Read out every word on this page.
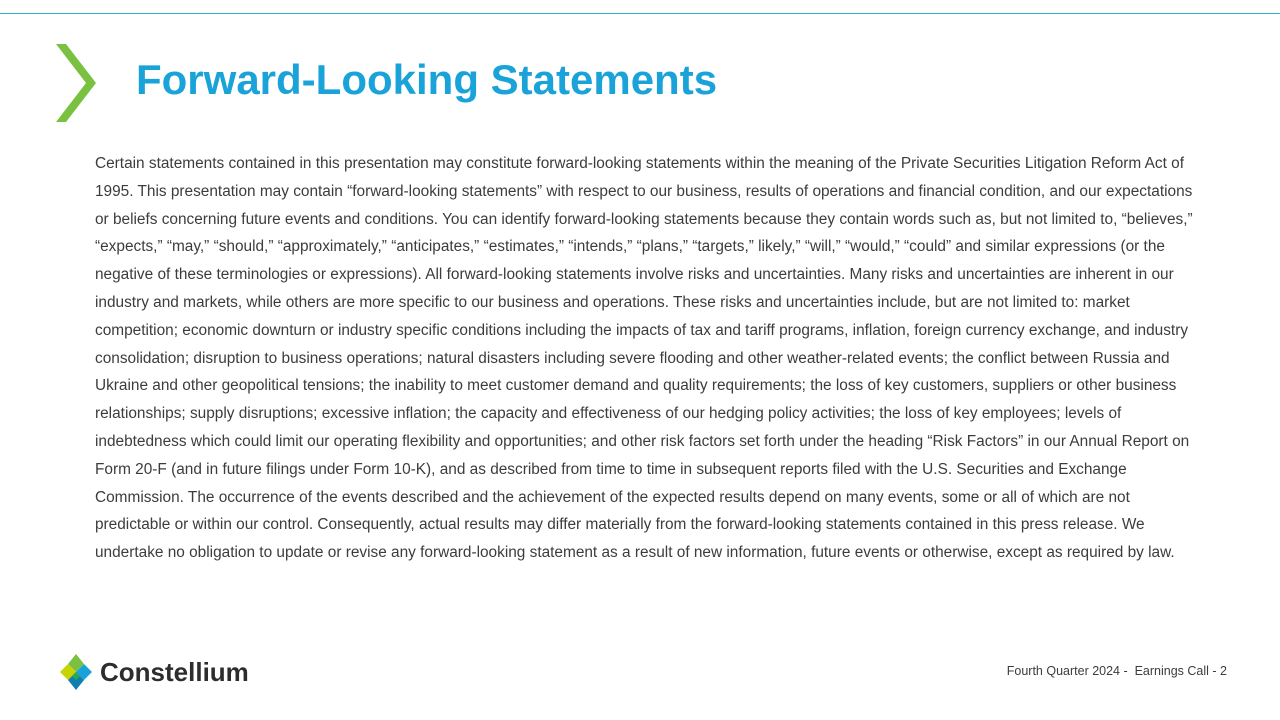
Forward-Looking Statements

Certain statements contained in this presentation may constitute forward-looking statements within the meaning of the Private Securities Litigation Reform Act of 1995. This presentation may contain “forward-looking statements” with respect to our business, results of operations and financial condition, and our expectations or beliefs concerning future events and conditions. You can identify forward-looking statements because they contain words such as, but not limited to, “believes,” “expects,” “may,” “should,” “approximately,” “anticipates,” “estimates,” “intends,” “plans,” “targets,” likely,” “will,” “would,” “could” and similar expressions (or the negative of these terminologies or expressions). All forward-looking statements involve risks and uncertainties. Many risks and uncertainties are inherent in our industry and markets, while others are more specific to our business and operations. These risks and uncertainties include, but are not limited to: market competition; economic downturn or industry specific conditions including the impacts of tax and tariff programs, inflation, foreign currency exchange, and industry consolidation; disruption to business operations; natural disasters including severe flooding and other weather-related events; the conflict between Russia and Ukraine and other geopolitical tensions; the inability to meet customer demand and quality requirements; the loss of key customers, suppliers or other business relationships; supply disruptions; excessive inflation; the capacity and effectiveness of our hedging policy activities; the loss of key employees; levels of indebtedness which could limit our operating flexibility and opportunities; and other risk factors set forth under the heading “Risk Factors” in our Annual Report on Form 20-F (and in future filings under Form 10-K), and as described from time to time in subsequent reports filed with the U.S. Securities and Exchange Commission. The occurrence of the events described and the achievement of the expected results depend on many events, some or all of which are not predictable or within our control. Consequently, actual results may differ materially from the forward-looking statements contained in this press release. We undertake no obligation to update or revise any forward-looking statement as a result of new information, future events or otherwise, except as required by law.

Constellium	Fourth Quarter 2024 -  Earnings Call - 2
